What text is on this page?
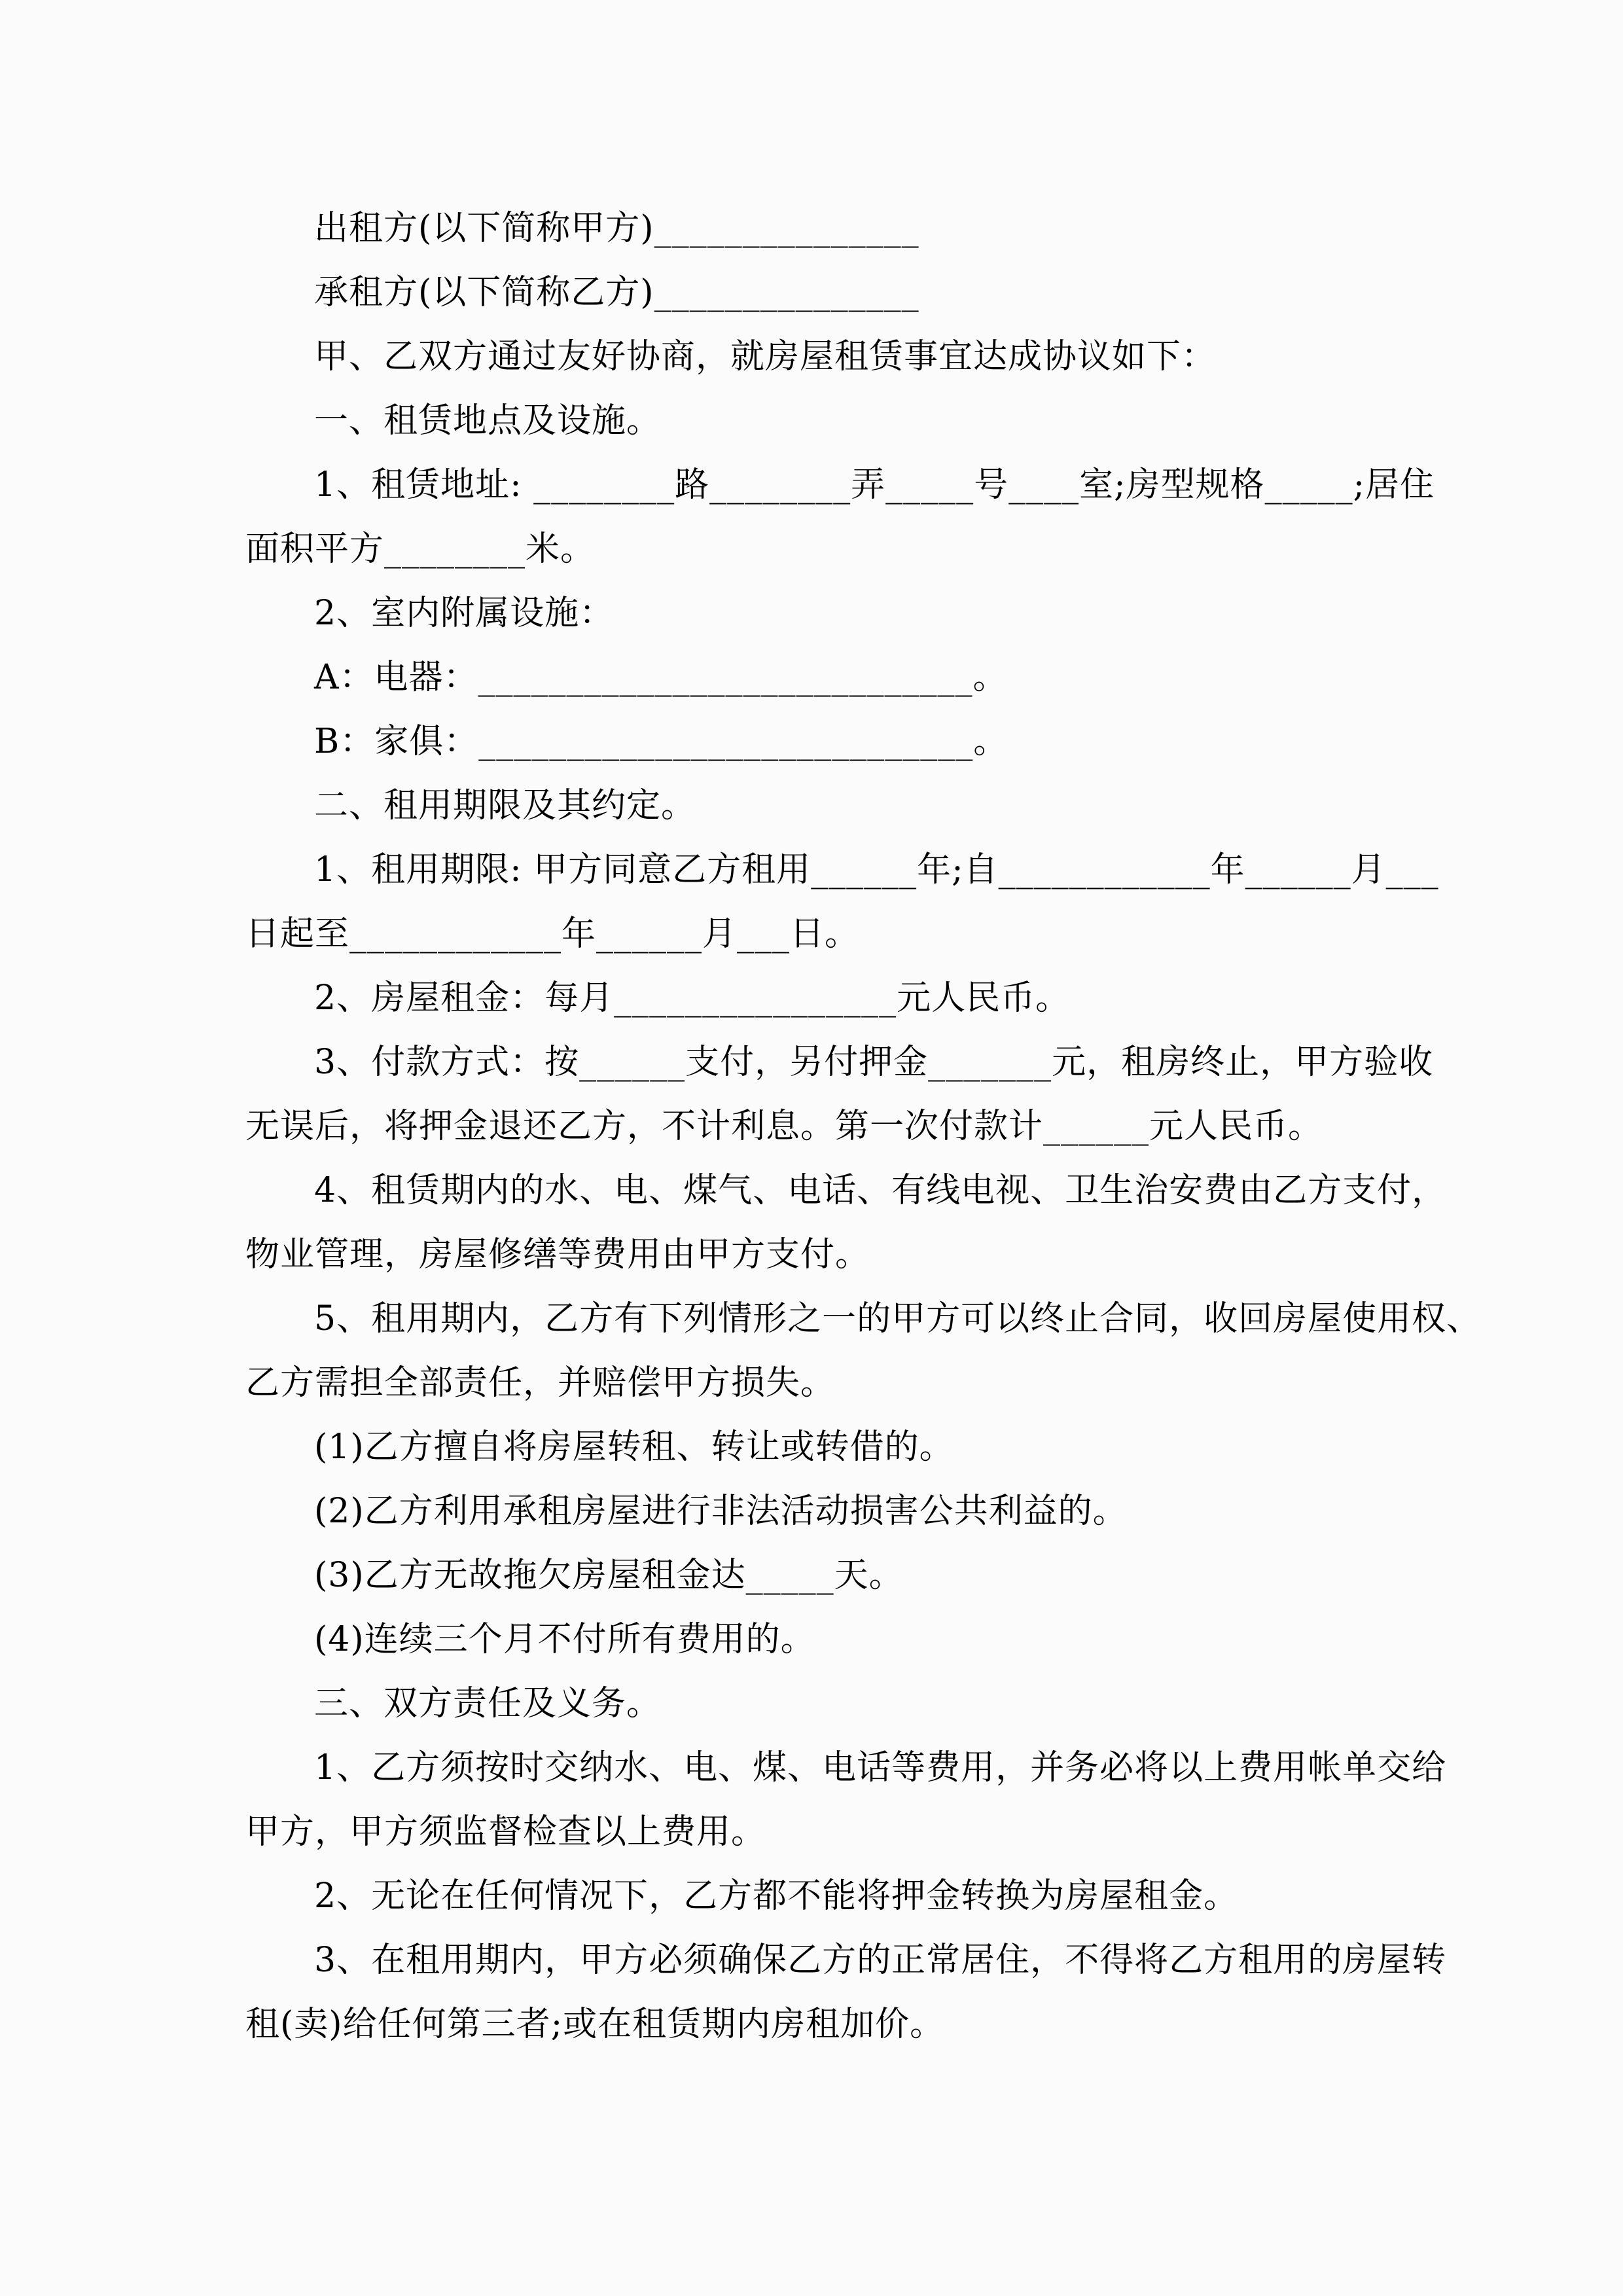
出租方(以下简称甲方)_______________
承租方(以下简称乙方)_______________
甲、乙双方通过友好协商，就房屋租赁事宜达成协议如下：
一、租赁地点及设施。
1、租赁地址: ________路________弄_____号____室;房型规格_____;居住
面积平方________米。
2、室内附属设施：
A：电器：____________________________。
B：家俱：____________________________。
二、租用期限及其约定。
1、租用期限: 甲方同意乙方租用______年;自____________年______月___
日起至____________年______月___日。
2、房屋租金：每月________________元人民币。
3、付款方式：按______支付，另付押金_______元，租房终止，甲方验收
无误后，将押金退还乙方，不计利息。第一次付款计______元人民币。
4、租赁期内的水、电、煤气、电话、有线电视、卫生治安费由乙方支付，
物业管理，房屋修缮等费用由甲方支付。
5、租用期内，乙方有下列情形之一的甲方可以终止合同，收回房屋使用权、
乙方需担全部责任，并赔偿甲方损失。
(1)乙方擅自将房屋转租、转让或转借的。
(2)乙方利用承租房屋进行非法活动损害公共利益的。
(3)乙方无故拖欠房屋租金达_____天。
(4)连续三个月不付所有费用的。
三、双方责任及义务。
1、乙方须按时交纳水、电、煤、电话等费用，并务必将以上费用帐单交给
甲方，甲方须监督检查以上费用。
2、无论在任何情况下，乙方都不能将押金转换为房屋租金。
3、在租用期内，甲方必须确保乙方的正常居住，不得将乙方租用的房屋转
租(卖)给任何第三者;或在租赁期内房租加价。
